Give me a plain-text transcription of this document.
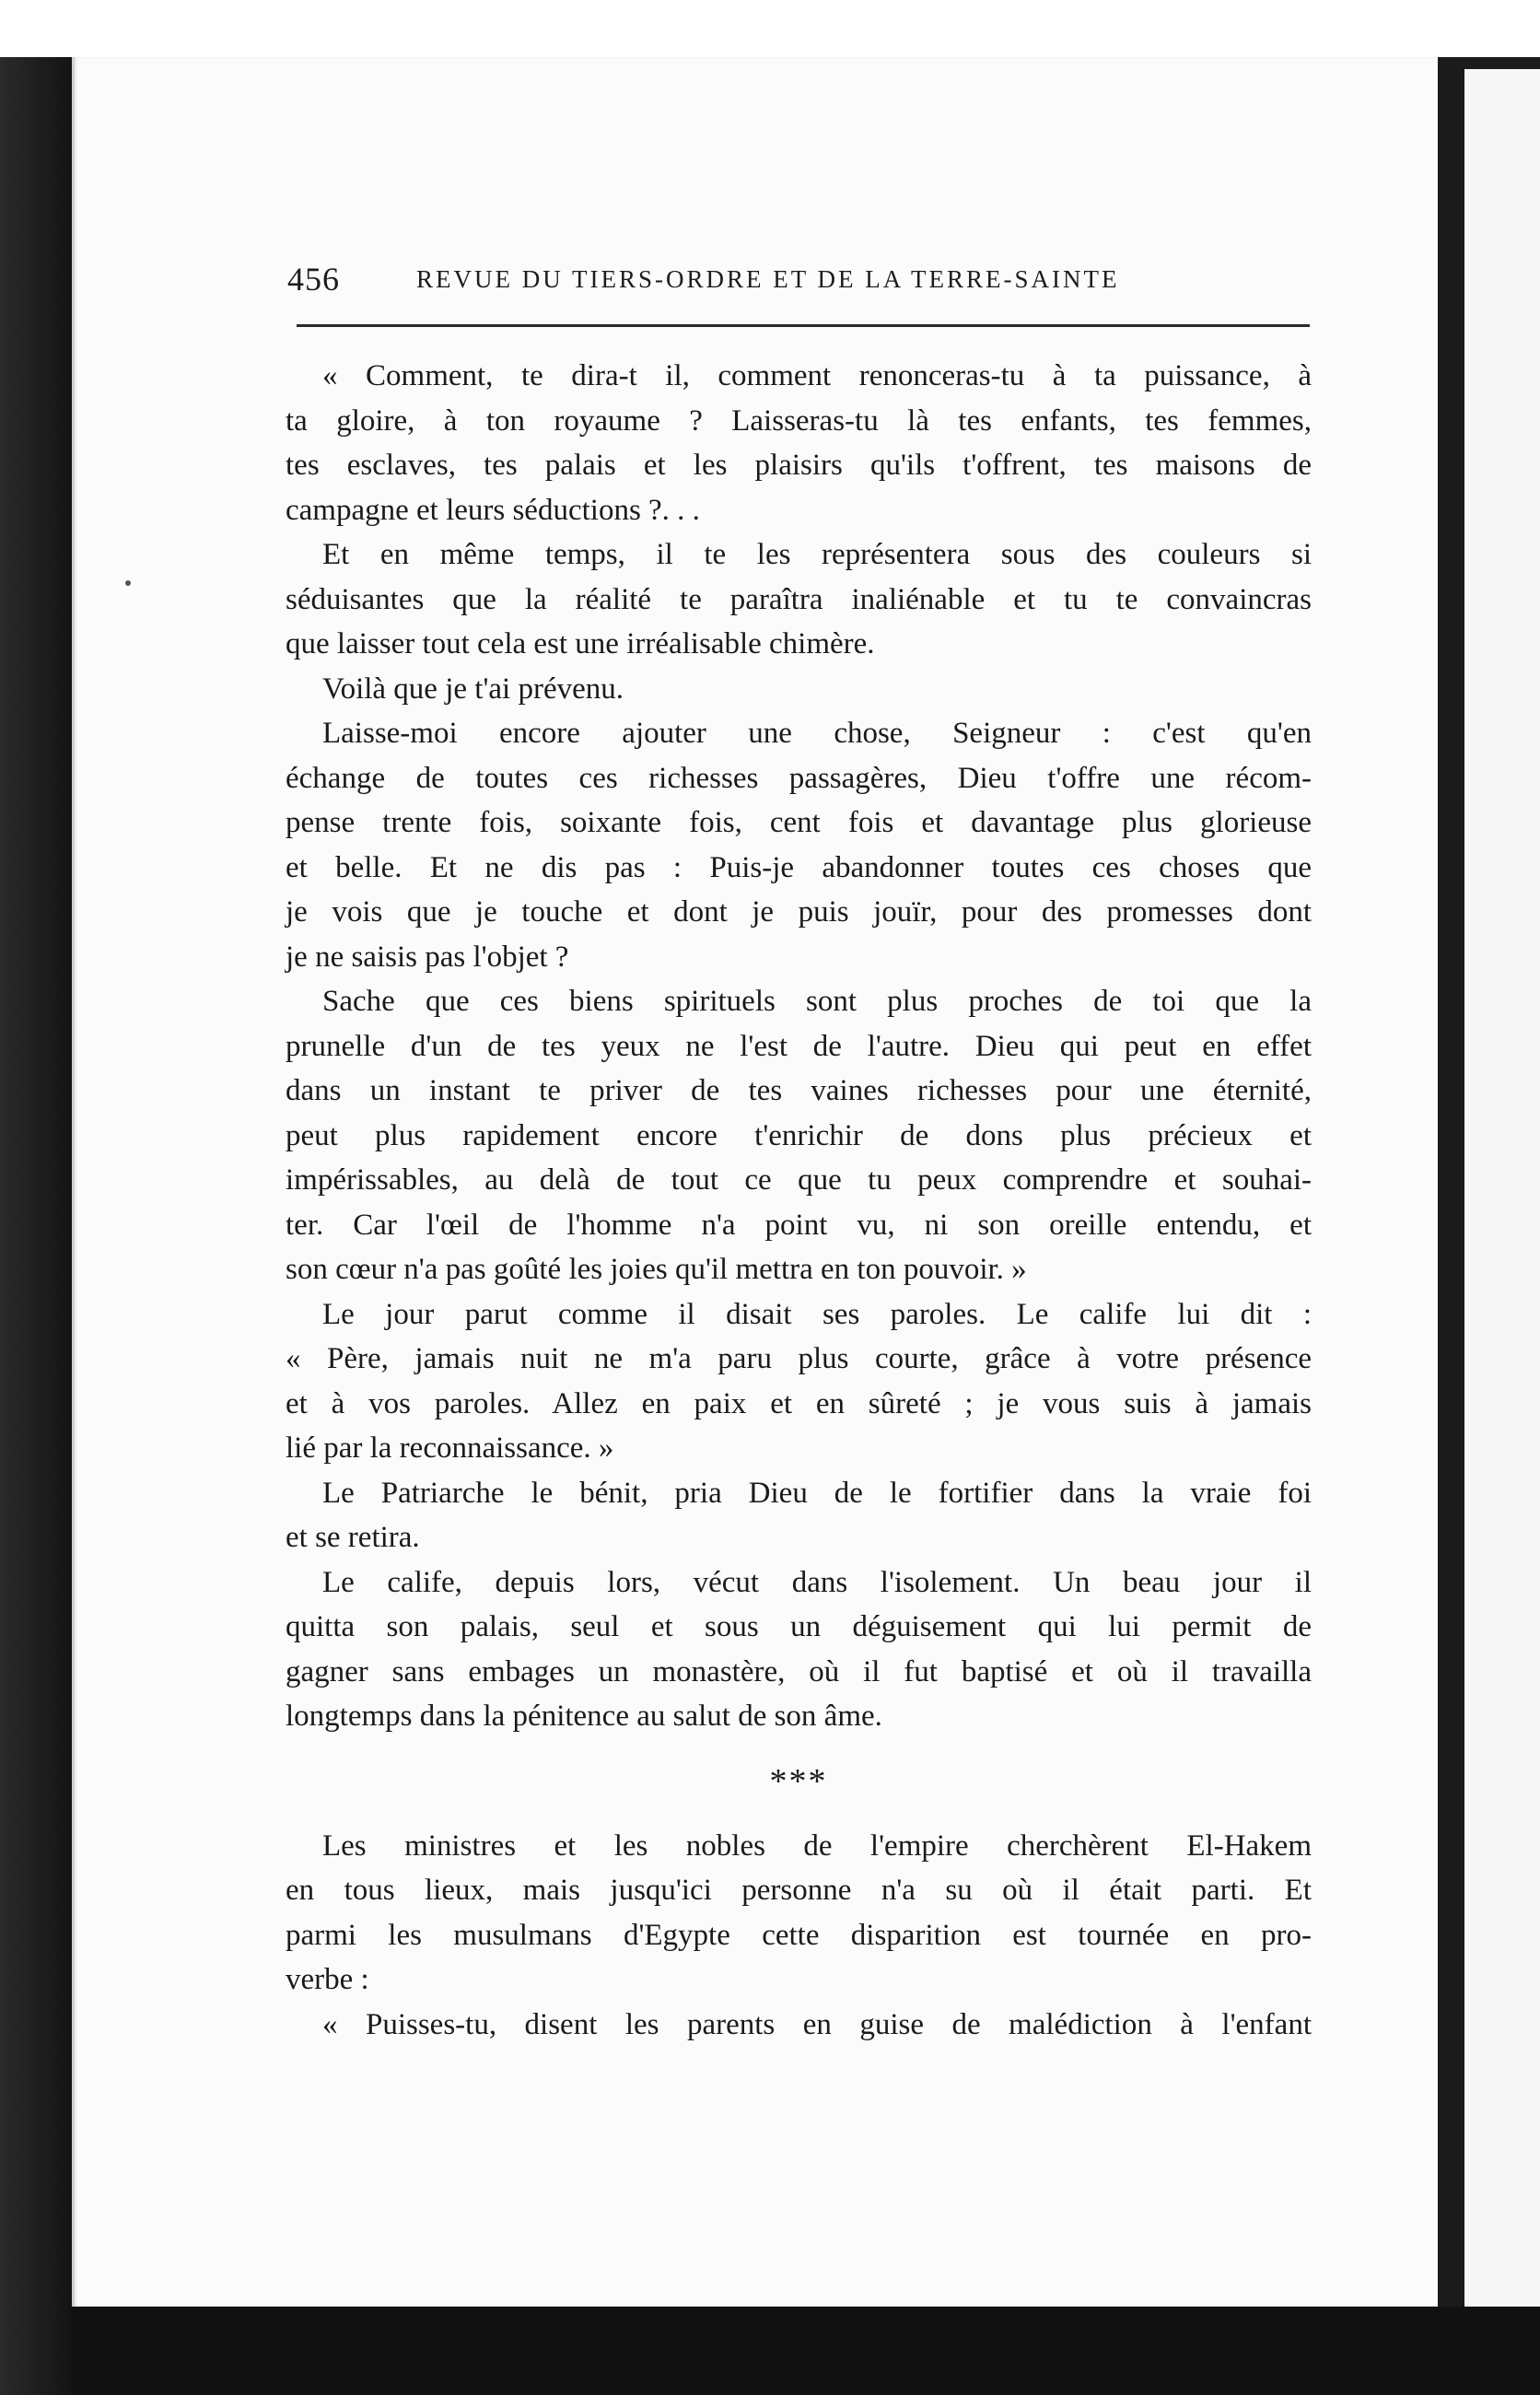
456	REVUE DU TIERS-ORDRE ET DE LA TERRE-SAINTE
« Comment, te dira-t il, comment renonceras-tu à ta puissance, à
ta gloire, à ton royaume ? Laisseras-tu là tes enfants, tes femmes,
tes esclaves, tes palais et les plaisirs qu'ils t'offrent, tes maisons de
campagne et leurs séductions ?. . .
Et en même temps, il te les représentera sous des couleurs si
séduisantes que la réalité te paraîtra inaliénable et tu te convaincras
que laisser tout cela est une irréalisable chimère.
Voilà que je t'ai prévenu.
Laisse-moi encore ajouter une chose, Seigneur : c'est qu'en
échange de toutes ces richesses passagères, Dieu t'offre une récom-
pense trente fois, soixante fois, cent fois et davantage plus glorieuse
et belle. Et ne dis pas : Puis-je abandonner toutes ces choses que
je vois que je touche et dont je puis jouïr, pour des promesses dont
je ne saisis pas l'objet ?
Sache que ces biens spirituels sont plus proches de toi que la
prunelle d'un de tes yeux ne l'est de l'autre. Dieu qui peut en effet
dans un instant te priver de tes vaines richesses pour une éternité,
peut plus rapidement encore t'enrichir de dons plus précieux et
impérissables, au delà de tout ce que tu peux comprendre et souhai-
ter. Car l'œil de l'homme n'a point vu, ni son oreille entendu, et
son cœur n'a pas goûté les joies qu'il mettra en ton pouvoir. »
Le jour parut comme il disait ses paroles. Le calife lui dit :
« Père, jamais nuit ne m'a paru plus courte, grâce à votre présence
et à vos paroles. Allez en paix et en sûreté ; je vous suis à jamais
lié par la reconnaissance. »
Le Patriarche le bénit, pria Dieu de le fortifier dans la vraie foi
et se retira.
Le calife, depuis lors, vécut dans l'isolement. Un beau jour il
quitta son palais, seul et sous un déguisement qui lui permit de
gagner sans embages un monastère, où il fut baptisé et où il travailla
longtemps dans la pénitence au salut de son âme.
***
Les ministres et les nobles de l'empire cherchèrent El-Hakem
en tous lieux, mais jusqu'ici personne n'a su où il était parti. Et
parmi les musulmans d'Egypte cette disparition est tournée en pro-
verbe :
« Puisses-tu, disent les parents en guise de malédiction à l'enfant
